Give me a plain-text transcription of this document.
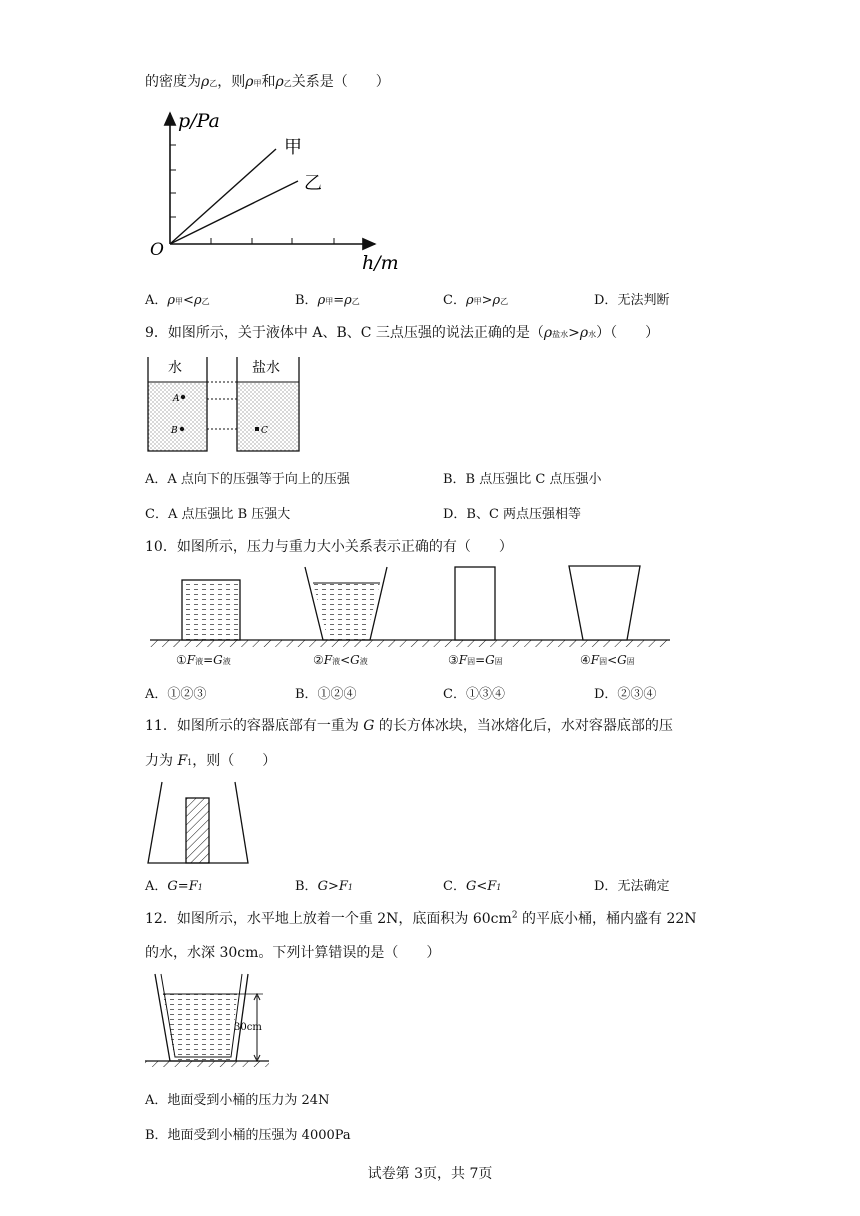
的密度为ρ乙，则ρ甲和ρ乙关系是（　　）
p/Pa
h/m
O
甲
乙
A．ρ甲<ρ乙	B．ρ甲=ρ乙	C．ρ甲>ρ乙	D．无法判断
9．如图所示，关于液体中 A、B、C 三点压强的说法正确的是（ρ盐水>ρ水）（　　）
水	盐水
A
B	C
A．A 点向下的压强等于向上的压强	B．B 点压强比 C 点压强小
C．A 点压强比 B 压强大	D．B、C 两点压强相等
10．如图所示，压力与重力大小关系表示正确的有（　　）
①F液=G液	②F液<G液	③F固=G固	④F固<G固
A．①②③	B．①②④	C．①③④	D．②③④
11．如图所示的容器底部有一重为 G 的长方体冰块，当冰熔化后，水对容器底部的压
力为 F1，则（　　）
A．G=F1	B．G>F1	C．G<F1	D．无法确定
12．如图所示，水平地上放着一个重 2N，底面积为 $60cm^2$ 的平底小桶，桶内盛有 22N
的水，水深 30cm。下列计算错误的是（　　）
30cm
A．地面受到小桶的压力为 24N
B．地面受到小桶的压强为 4000Pa
试卷第 3页，共 7页
